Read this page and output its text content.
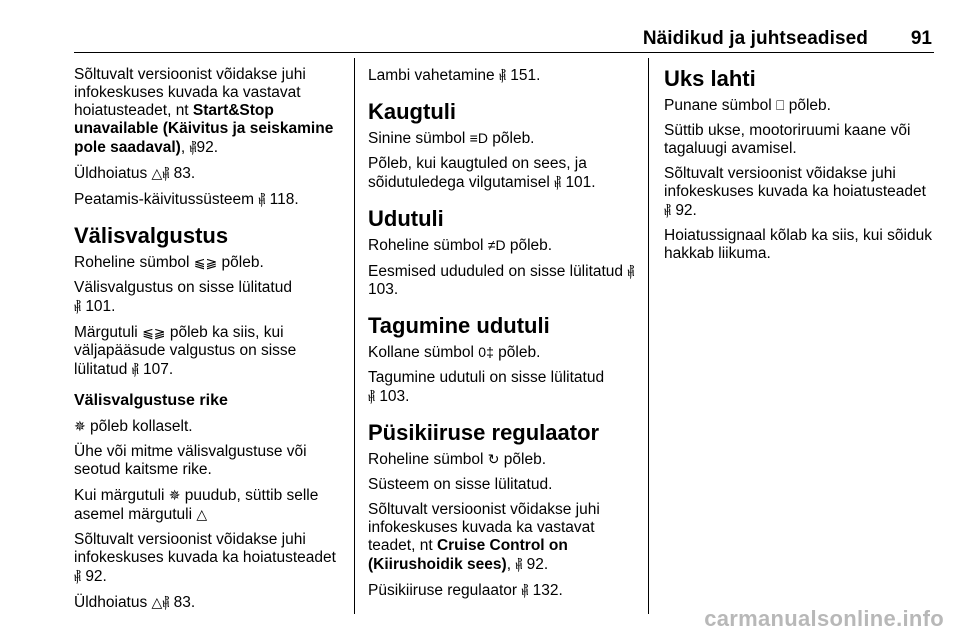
Näidikud ja juhtseadised 91

Sõltuvalt versioonist võidakse juhi infokeskuses kuvada ka vastavat hoiatusteadet, nt Start&Stop unavailable (Käivitus ja seiskamine pole saadaval), ⳥92.

Üldhoiatus △⳥ 83.

Peatamis-käivitussüsteem ⳥ 118.

Välisvalgustus

Roheline sümbol ⫹⫺ põleb.

Välisvalgustus on sisse lülitatud
⳥ 101.

Märgutuli ⫹⫺ põleb ka siis, kui väljapääsude valgustus on sisse lülitatud ⳥ 107.

Välisvalgustuse rike

✵ põleb kollaselt.

Ühe või mitme välisvalgustuse või seotud kaitsme rike.

Kui märgutuli ✵ puudub, süttib selle asemel märgutuli △

Sõltuvalt versioonist võidakse juhi infokeskuses kuvada ka hoiatusteadet ⳥ 92.

Üldhoiatus △⳥ 83.

Lambi vahetamine ⳥ 151.

Kaugtuli

Sinine sümbol ≡D põleb.

Põleb, kui kaugtuled on sees, ja sõidutuledega vilgutamisel ⳥ 101.

Udutuli

Roheline sümbol ≠D põleb.

Eesmised ududuled on sisse lülitatud ⳥ 103.

Tagumine udutuli

Kollane sümbol 0‡ põleb.

Tagumine udutuli on sisse lülitatud
⳥ 103.

Püsikiiruse regulaator

Roheline sümbol ↻ põleb.

Süsteem on sisse lülitatud.

Sõltuvalt versioonist võidakse juhi infokeskuses kuvada ka vastavat teadet, nt Cruise Control on (Kiirushoidik sees), ⳥ 92.

Püsikiiruse regulaator ⳥ 132.

Uks lahti

Punane sümbol ⎕ põleb.

Süttib ukse, mootoriruumi kaane või tagaluugi avamisel.

Sõltuvalt versioonist võidakse juhi infokeskuses kuvada ka hoiatusteadet ⳥ 92.

Hoiatussignaal kõlab ka siis, kui sõiduk hakkab liikuma.

carmanualsonline.info
